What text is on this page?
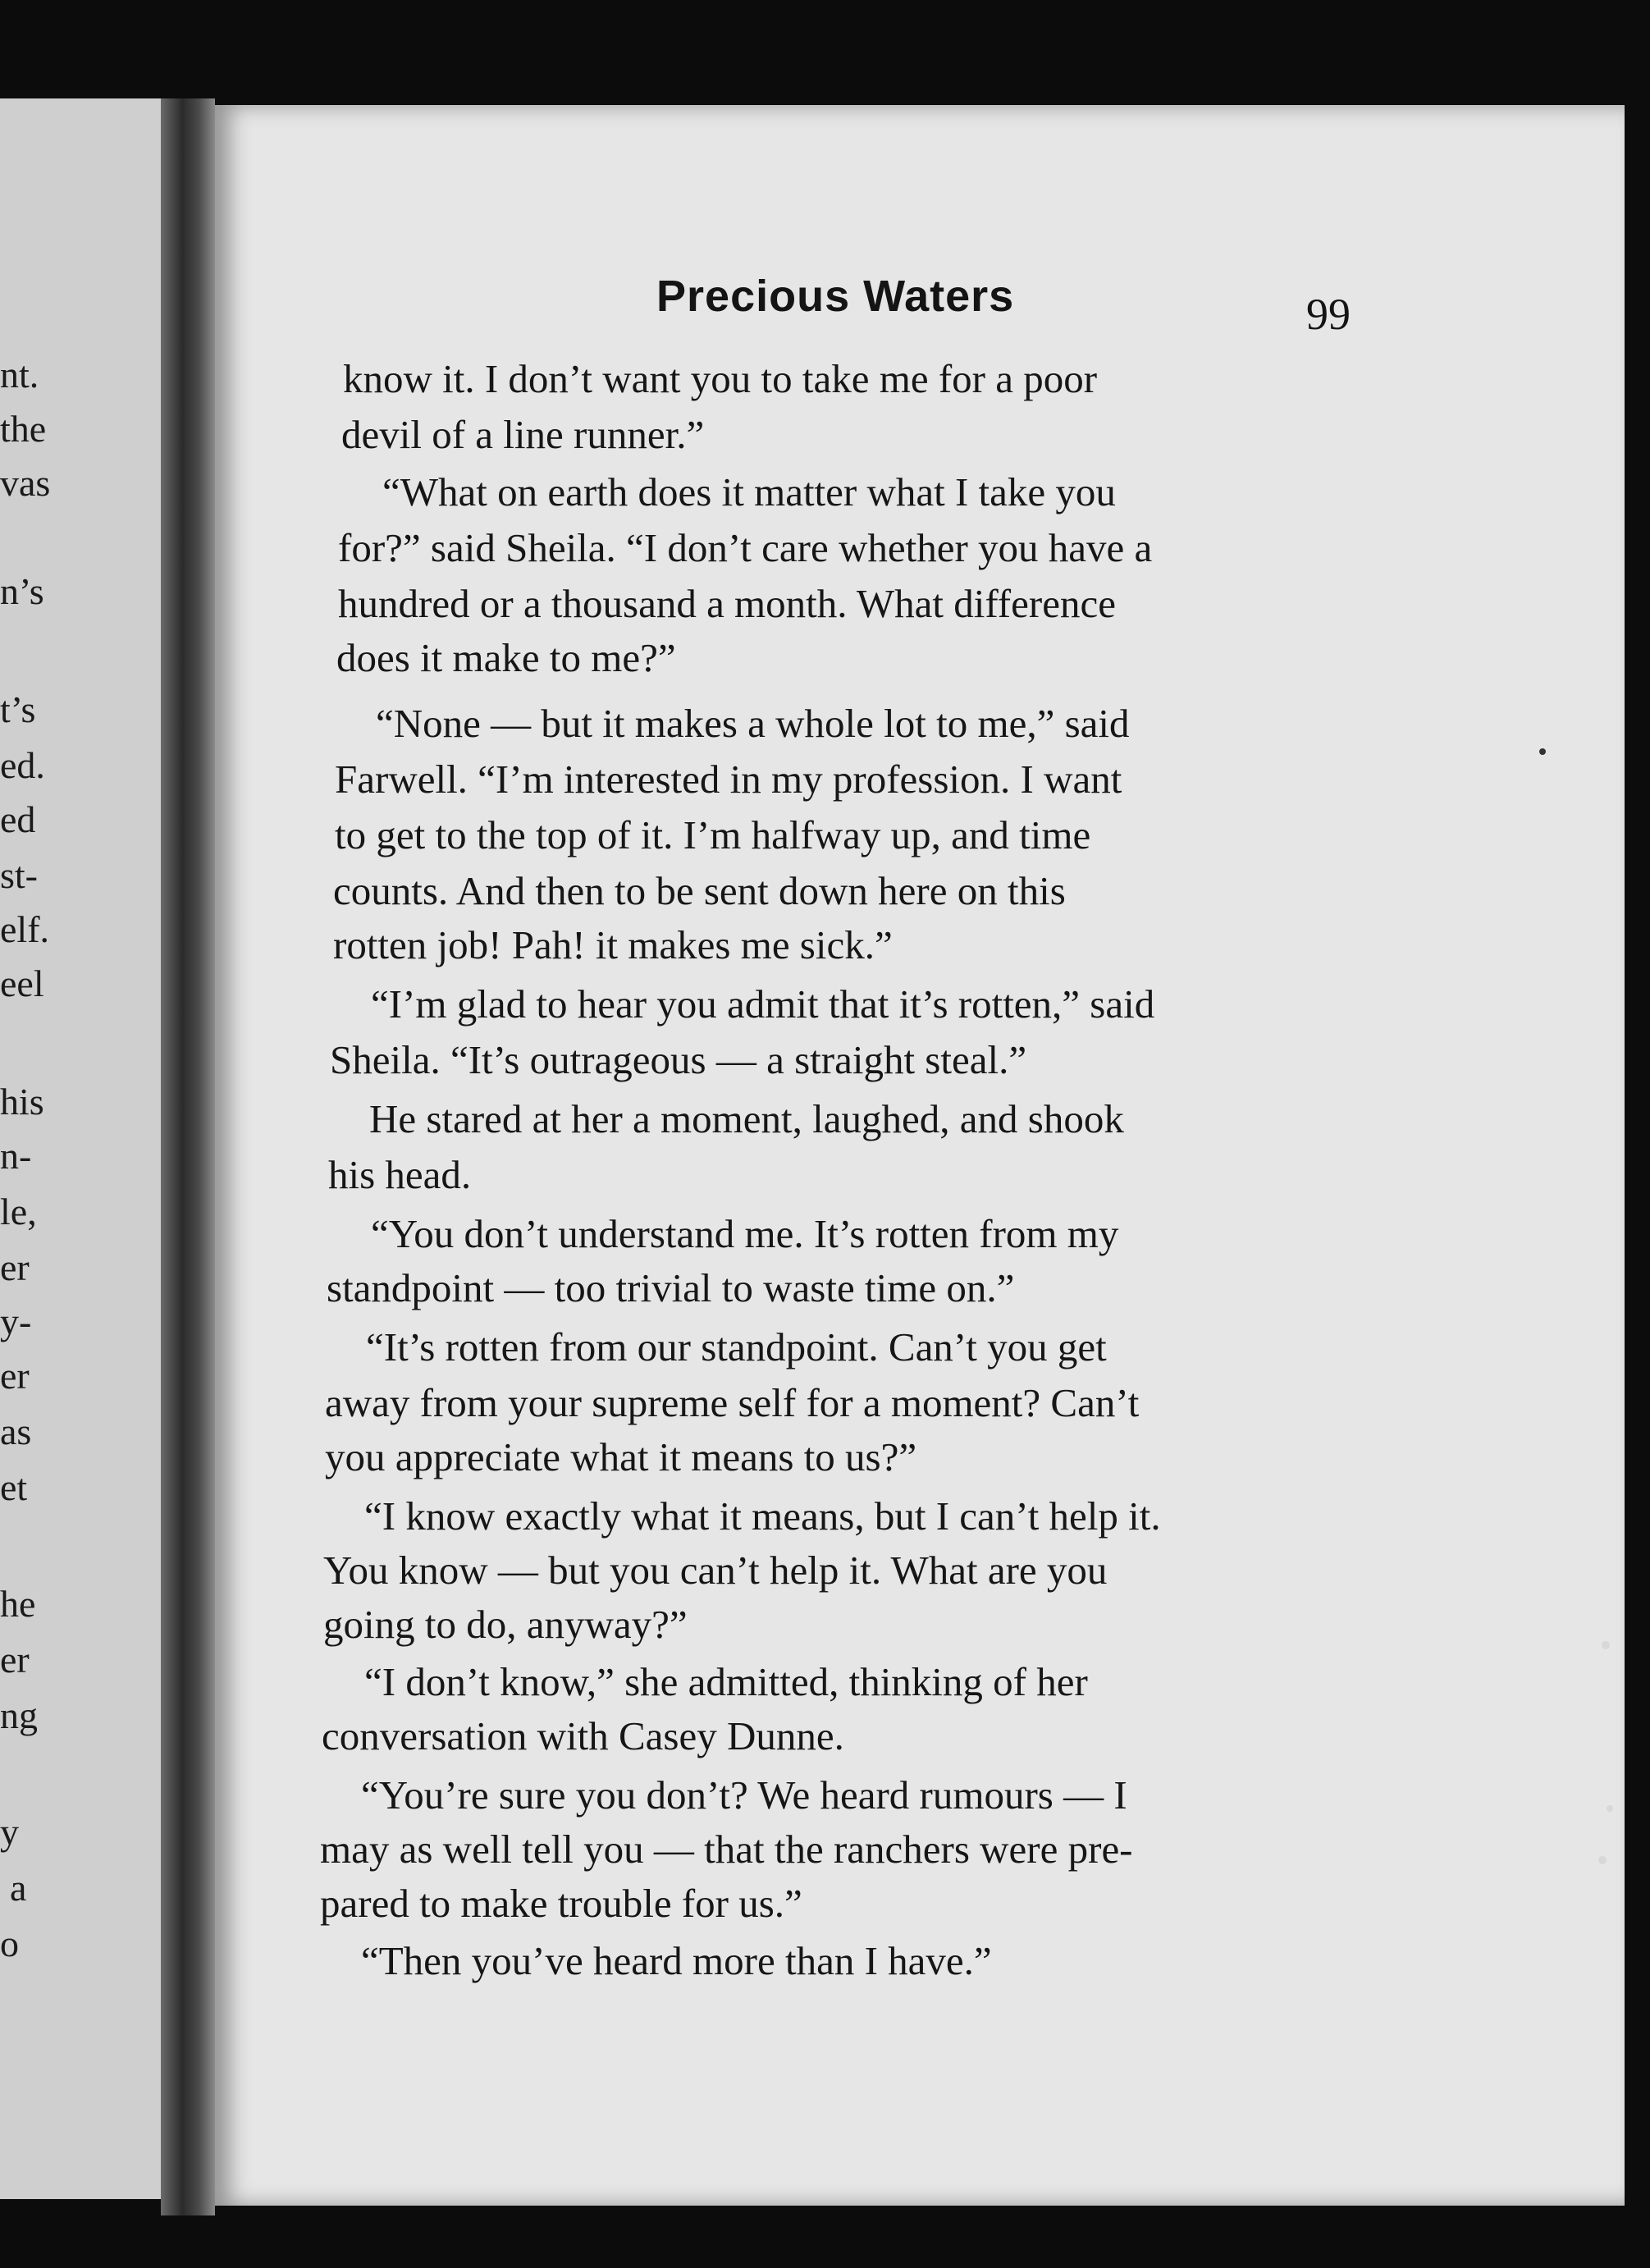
nt.
the
vas
n’s
t’s
ed.
ed
st-
elf.
eel
his
n-
le,
er
y-
er
as
et
he
er
ng
y
a
o
Precious Waters	99
know it. I don’t want you to take me for a poor
devil of a line runner.”
“What on earth does it matter what I take you
for?” said Sheila. “I don’t care whether you have a
hundred or a thousand a month. What difference
does it make to me?”
“None — but it makes a whole lot to me,” said
Farwell. “I’m interested in my profession. I want
to get to the top of it. I’m halfway up, and time
counts. And then to be sent down here on this
rotten job! Pah! it makes me sick.”
“I’m glad to hear you admit that it’s rotten,” said
Sheila. “It’s outrageous — a straight steal.”
He stared at her a moment, laughed, and shook
his head.
“You don’t understand me. It’s rotten from my
standpoint — too trivial to waste time on.”
“It’s rotten from our standpoint. Can’t you get
away from your supreme self for a moment? Can’t
you appreciate what it means to us?”
“I know exactly what it means, but I can’t help it.
You know — but you can’t help it. What are you
going to do, anyway?”
“I don’t know,” she admitted, thinking of her
conversation with Casey Dunne.
“You’re sure you don’t? We heard rumours — I
may as well tell you — that the ranchers were pre-
pared to make trouble for us.”
“Then you’ve heard more than I have.”
